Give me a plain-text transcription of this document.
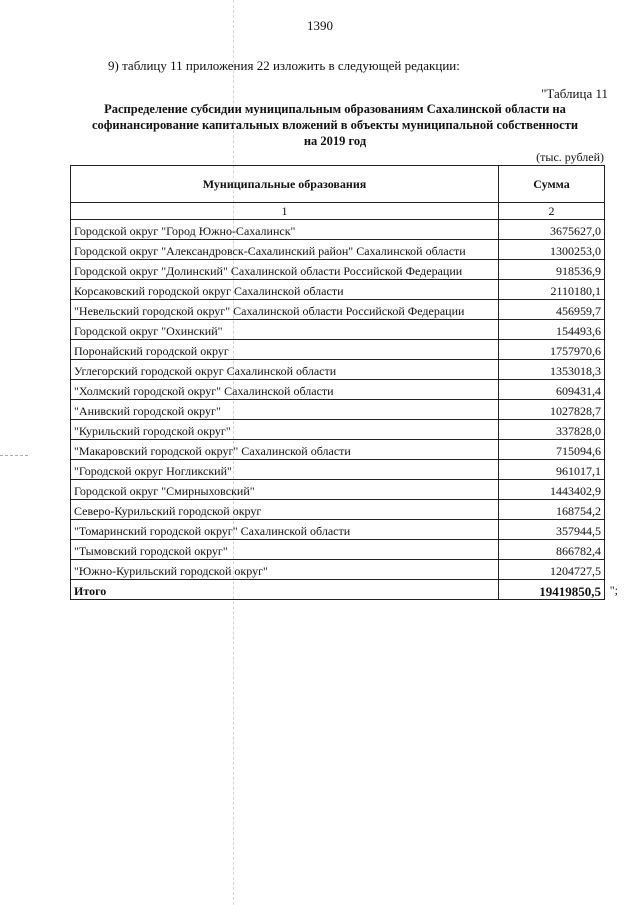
1390
9) таблицу 11 приложения 22 изложить в следующей редакции:
"Таблица 11
Распределение субсидии муниципальным образованиям Сахалинской области на
софинансирование капитальных вложений в объекты муниципальной собственности
на 2019 год
(тыс. рублей)
Муниципальные образования	Сумма
1	2
Городской округ "Город Южно-Сахалинск"	3675627,0
Городской округ "Александровск-Сахалинский район" Сахалинской области	1300253,0
Городской округ "Долинский" Сахалинской области Российской Федерации	918536,9
Корсаковский городской округ Сахалинской области	2110180,1
"Невельский городской округ" Сахалинской области Российской Федерации	456959,7
Городской округ "Охинский"	154493,6
Поронайский городской округ	1757970,6
Углегорский городской округ Сахалинской области	1353018,3
"Холмский городской округ" Сахалинской области	609431,4
"Анивский городской округ"	1027828,7
"Курильский городской округ"	337828,0
"Макаровский городской округ" Сахалинской области	715094,6
"Городской округ Ногликский"	961017,1
Городской округ "Смирныховский"	1443402,9
Северо-Курильский городской округ	168754,2
"Томаринский городской округ" Сахалинской области	357944,5
"Тымовский городской округ"	866782,4
"Южно-Курильский городской округ"	1204727,5
Итого	19419850,5 ";
